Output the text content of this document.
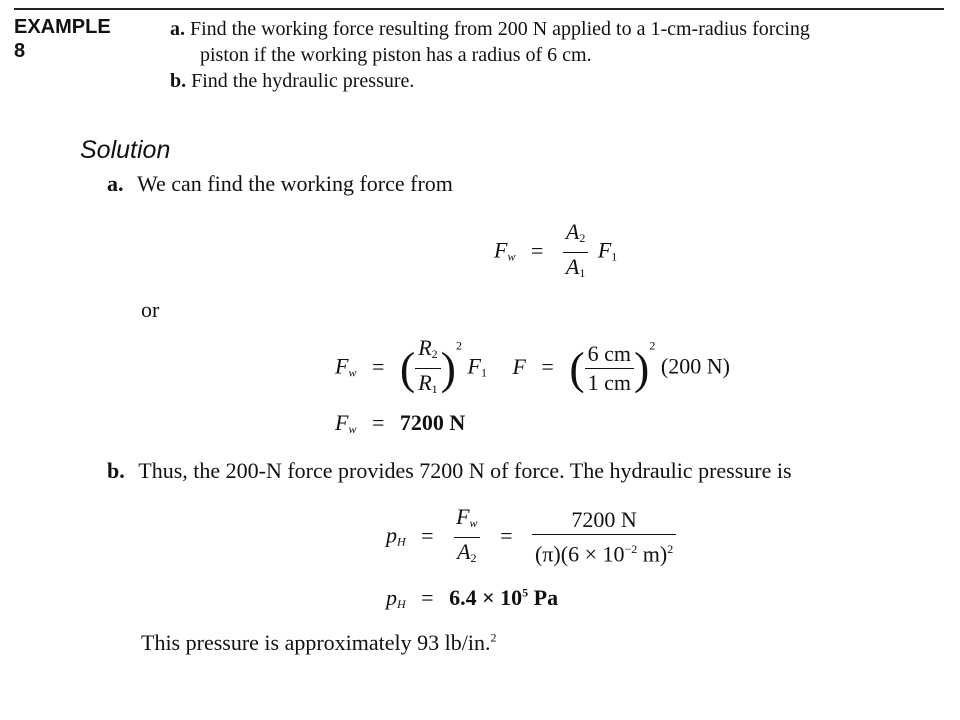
EXAMPLE
8
a. Find the working force resulting from 200 N applied to a 1-cm-radius forcing
piston if the working piston has a radius of 6 cm.
b. Find the hydraulic pressure.
Solution
a. We can find the working force from
$F_w = \frac{A_2}{A_1} F_1$
or
$F_w$ = ( $\frac{R_2}{R_1} )^2$ $F_1$ F = ( $\frac{6 cm}{1 cm} )^2$ (200 N)
$F_w = 7200$ N
b. Thus, the 200-N force provides 7200 N of force. The hydraulic pressure is
$p_H = \frac{F_w}{A_2} = \frac{7200 N}{(\pi)(6 \times 10^{-2} m)^2}$
$p_H = 6.4 \times 10^5$ Pa
This pressure is approximately 93 lb/in.$^2$
